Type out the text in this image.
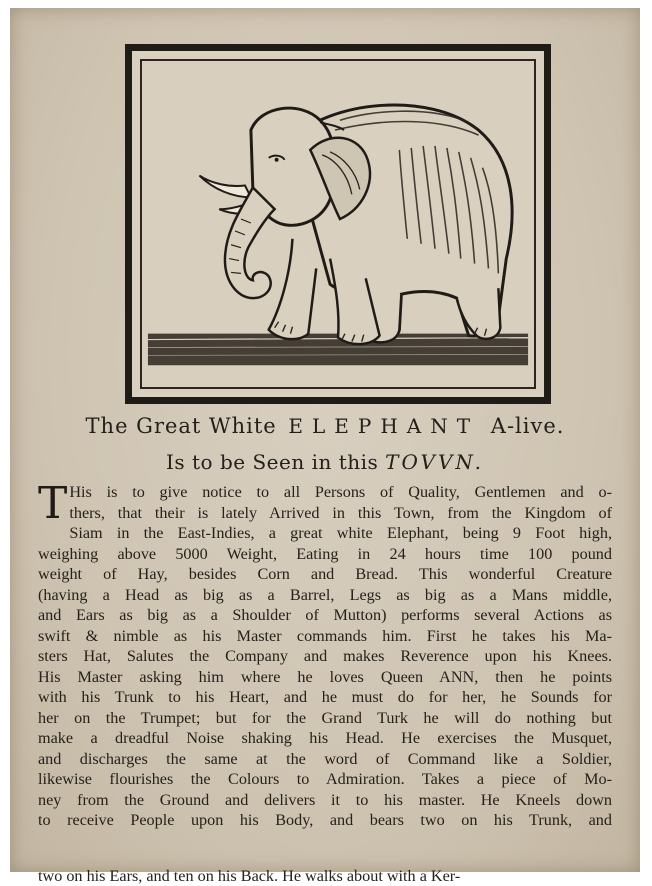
The Great White ELEPHANT A-live.
Is to be Seen in this TOVVN.
T His is to give notice to all Persons of Quality, Gentlemen and o-
thers, that their is lately Arrived in this Town, from the Kingdom of
Siam in the East-Indies, a great white Elephant, being 9 Foot high,
weighing above 5000 Weight, Eating in 24 hours time 100 pound
weight of Hay, besides Corn and Bread. This wonderful Creature
(having a Head as big as a Barrel, Legs as big as a Mans middle,
and Ears as big as a Shoulder of Mutton) performs several Actions as
swift & nimble as his Master commands him. First he takes his Ma-
sters Hat, Salutes the Company and makes Reverence upon his Knees.
His Master asking him where he loves Queen ANN, then he points
with his Trunk to his Heart, and he must do for her, he Sounds for
her on the Trumpet; but for the Grand Turk he will do nothing but
make a dreadful Noise shaking his Head. He exercises the Musquet,
and discharges the same at the word of Command like a Soldier,
likewise flourishes the Colours to Admiration. Takes a piece of Mo-
ney from the Ground and delivers it to his master. He Kneels down
to receive People upon his Body, and bears two on his Trunk, and
two on his Ears, and ten on his Back. He walks about with a Ker-
